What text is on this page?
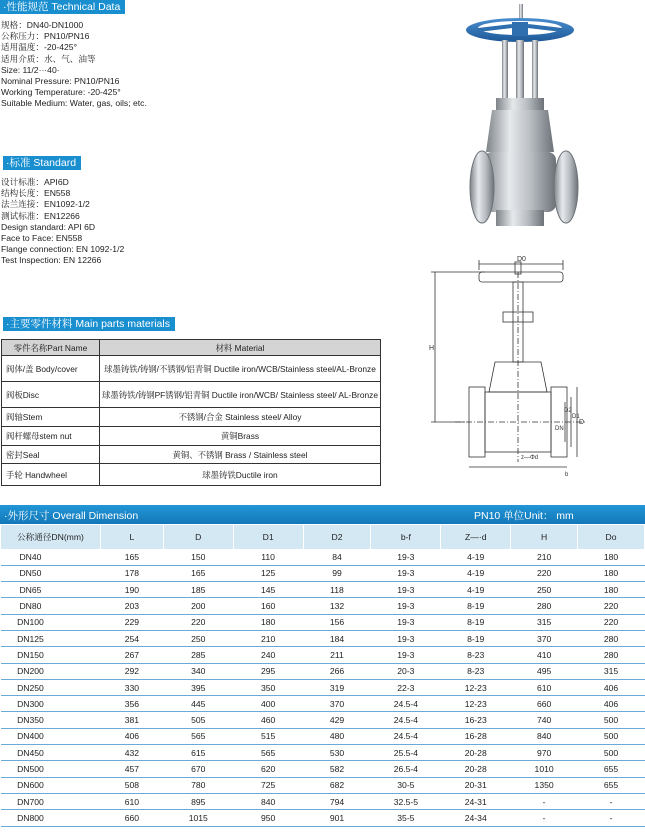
·性能规范 Technical Data
规格：DN40-DN1000
公称压力：PN10/PN16
适用温度：-20-425°
适用介质：水、气、油等
Size: 11/2···40·
Nominal Pressure: PN10/PN16
Working Temperature: -20-425°
Suitable Medium: Water, gas, oils; etc.
·标准 Standard
设计标准：API6D
结构长度：EN558
法兰连接：EN1092-1/2
测试标准：EN12266
Design standard: API 6D
Face to Face: EN558
Flange connection: EN 1092-1/2
Test Inspection: EN 12266	D0
H
D
D1
D2
DN
z—Φd
b
·主要零件材料 Main parts materials
零件名称Part Name	材料 Material
阀体/盖 Body/cover	球墨铸铁/铸钢/不锈钢/铝青铜 Ductile iron/WCB/Stainless steel/AL-Bronze
阀板Disc	球墨铸铁/铸钢PF锈钢/铝青铜 Ductile iron/WCB/ Stainless steel/ AL-Bronze
阀轴Stem	不锈钢/合金 Stainless steel/ Alloy
阀杆螺母stem nut	黄铜Brass
密封Seal	黄铜、不锈钢 Brass / Stainless steel
手轮 Handwheel	球墨铸铁Ductile iron
·外形尺寸 Overall Dimension	PN10 单位Unit： mm
公称通径DN(mm)	L	D	D1	D2	b-f	Z—·d	H	Do
DN40	165	150	110	84	19-3	4-19	210	180
DN50	178	165	125	99	19-3	4-19	220	180
DN65	190	185	145	118	19-3	4-19	250	180
DN80	203	200	160	132	19-3	8-19	280	220
DN100	229	220	180	156	19-3	8-19	315	220
DN125	254	250	210	184	19-3	8-19	370	280
DN150	267	285	240	211	19-3	8-23	410	280
DN200	292	340	295	266	20-3	8-23	495	315
DN250	330	395	350	319	22-3	12-23	610	406
DN300	356	445	400	370	24.5-4	12-23	660	406
DN350	381	505	460	429	24.5-4	16-23	740	500
DN400	406	565	515	480	24.5-4	16-28	840	500
DN450	432	615	565	530	25.5-4	20-28	970	500
DN500	457	670	620	582	26.5-4	20-28	1010	655
DN600	508	780	725	682	30-5	20-31	1350	655
DN700	610	895	840	794	32.5-5	24-31	-	-
DN800	660	1015	950	901	35-5	24-34	-	-
